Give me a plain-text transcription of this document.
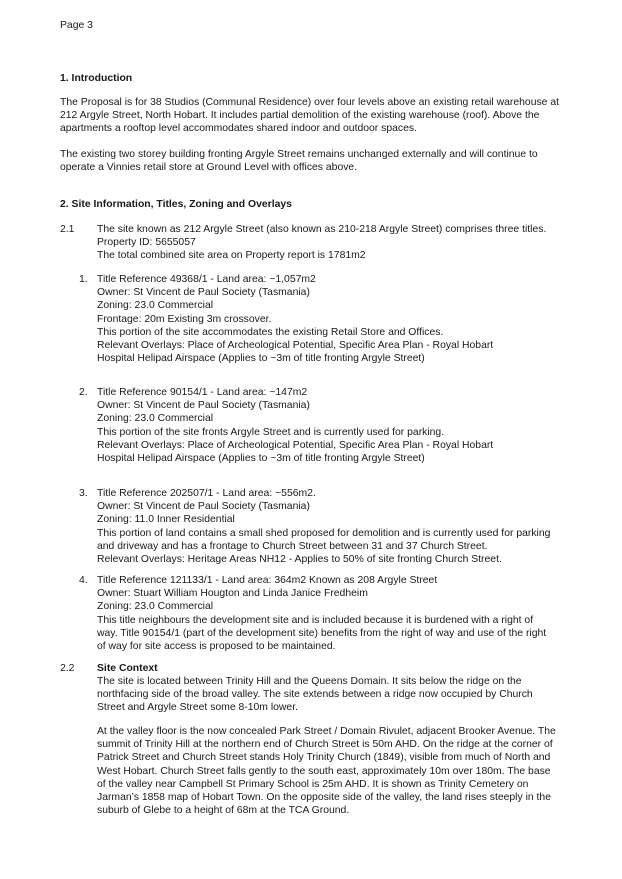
Page 3
1. Introduction

The Proposal is for 38 Studios (Communal Residence) over four levels above an existing retail warehouse at 212 Argyle Street, North Hobart. It includes partial demolition of the existing warehouse (roof). Above the apartments a rooftop level accommodates shared indoor and outdoor spaces.

The existing two storey building fronting Argyle Street remains unchanged externally and will continue to operate a Vinnies retail store at Ground Level with offices above.

2. Site Information, Titles, Zoning and Overlays
2.1 The site known as 212 Argyle Street (also known as 210-218 Argyle Street) comprises three titles.
Property ID: 5655057
The total combined site area on Property report is 1781m2
1. Title Reference 49368/1 - Land area: ~1,057m2
Owner: St Vincent de Paul Society (Tasmania)
Zoning: 23.0 Commercial
Frontage: 20m Existing 3m crossover.
This portion of the site accommodates the existing Retail Store and Offices.
Relevant Overlays: Place of Archeological Potential, Specific Area Plan - Royal Hobart
Hospital Helipad Airspace (Applies to ~3m of title fronting Argyle Street)
2. Title Reference 90154/1 - Land area: ~147m2
Owner: St Vincent de Paul Society (Tasmania)
Zoning: 23.0 Commercial
This portion of the site fronts Argyle Street and is currently used for parking.
Relevant Overlays: Place of Archeological Potential, Specific Area Plan - Royal Hobart
Hospital Helipad Airspace (Applies to ~3m of title fronting Argyle Street)
3. Title Reference 202507/1 - Land area: ~556m2.
Owner: St Vincent de Paul Society (Tasmania)
Zoning: 11.0 Inner Residential
This portion of land contains a small shed proposed for demolition and is currently used for parking
and driveway and has a frontage to Church Street between 31 and 37 Church Street.
Relevant Overlays: Heritage Areas NH12 - Applies to 50% of site fronting Church Street.
4. Title Reference 121133/1 - Land area: 364m2 Known as 208 Argyle Street
Owner: Stuart William Hougton and Linda Janice Fredheim
Zoning: 23.0 Commercial
This title neighbours the development site and is included because it is burdened with a right of
way. Title 90154/1 (part of the development site) benefits from the right of way and use of the right
of way for site access is proposed to be maintained.
2.2 Site Context
The site is located between Trinity Hill and the Queens Domain. It sits below the ridge on the
northfacing side of the broad valley. The site extends between a ridge now occupied by Church
Street and Argyle Street some 8-10m lower.
At the valley floor is the now concealed Park Street / Domain Rivulet, adjacent Brooker Avenue. The
summit of Trinity Hill at the northern end of Church Street is 50m AHD. On the ridge at the corner of
Patrick Street and Church Street stands Holy Trinity Church (1849), visible from much of North and
West Hobart. Church Street falls gently to the south east, approximately 10m over 180m. The base
of the valley near Campbell St Primary School is 25m AHD. It is shown as Trinity Cemetery on
Jarman’s 1858 map of Hobart Town. On the opposite side of the valley, the land rises steeply in the
suburb of Glebe to a height of 68m at the TCA Ground.
